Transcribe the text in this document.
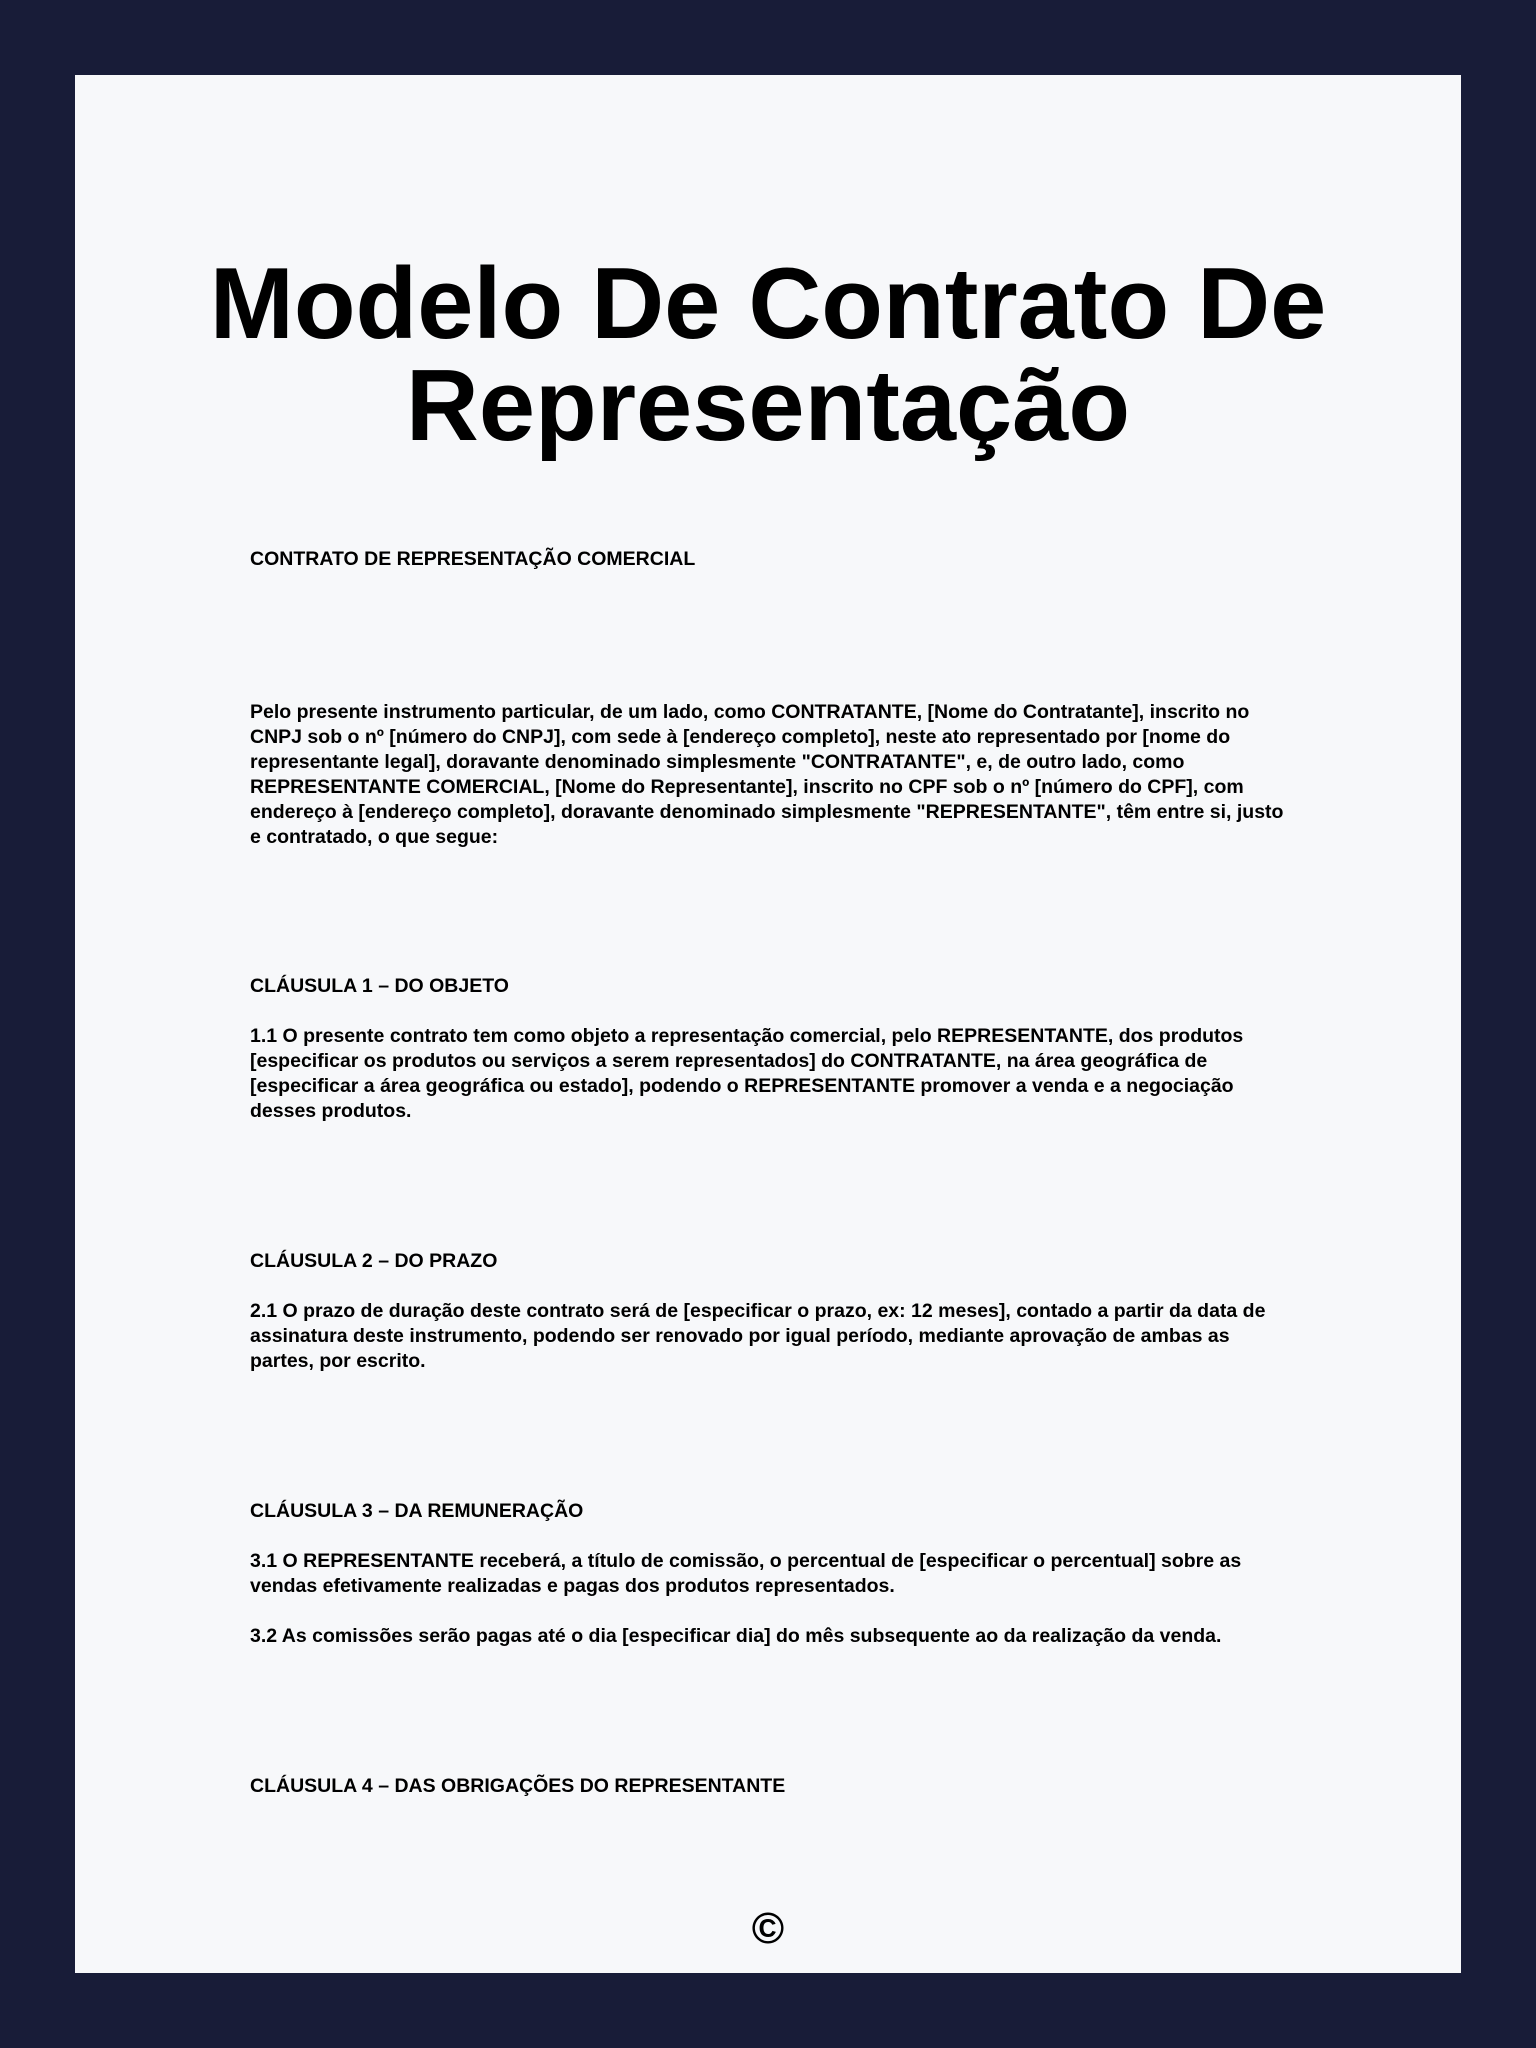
Modelo De Contrato De Representação
CONTRATO DE REPRESENTAÇÃO COMERCIAL

Pelo presente instrumento particular, de um lado, como CONTRATANTE, [Nome do Contratante], inscrito no CNPJ sob o nº [número do CNPJ], com sede à [endereço completo], neste ato representado por [nome do representante legal], doravante denominado simplesmente "CONTRATANTE", e, de outro lado, como REPRESENTANTE COMERCIAL, [Nome do Representante], inscrito no CPF sob o nº [número do CPF], com endereço à [endereço completo], doravante denominado simplesmente "REPRESENTANTE", têm entre si, justo e contratado, o que segue:

CLÁUSULA 1 – DO OBJETO

1.1 O presente contrato tem como objeto a representação comercial, pelo REPRESENTANTE, dos produtos [especificar os produtos ou serviços a serem representados] do CONTRATANTE, na área geográfica de [especificar a área geográfica ou estado], podendo o REPRESENTANTE promover a venda e a negociação desses produtos.

CLÁUSULA 2 – DO PRAZO

2.1 O prazo de duração deste contrato será de [especificar o prazo, ex: 12 meses], contado a partir da data de assinatura deste instrumento, podendo ser renovado por igual período, mediante aprovação de ambas as partes, por escrito.

CLÁUSULA 3 – DA REMUNERAÇÃO

3.1 O REPRESENTANTE receberá, a título de comissão, o percentual de [especificar o percentual] sobre as vendas efetivamente realizadas e pagas dos produtos representados.

3.2 As comissões serão pagas até o dia [especificar dia] do mês subsequente ao da realização da venda.

CLÁUSULA 4 – DAS OBRIGAÇÕES DO REPRESENTANTE
©
